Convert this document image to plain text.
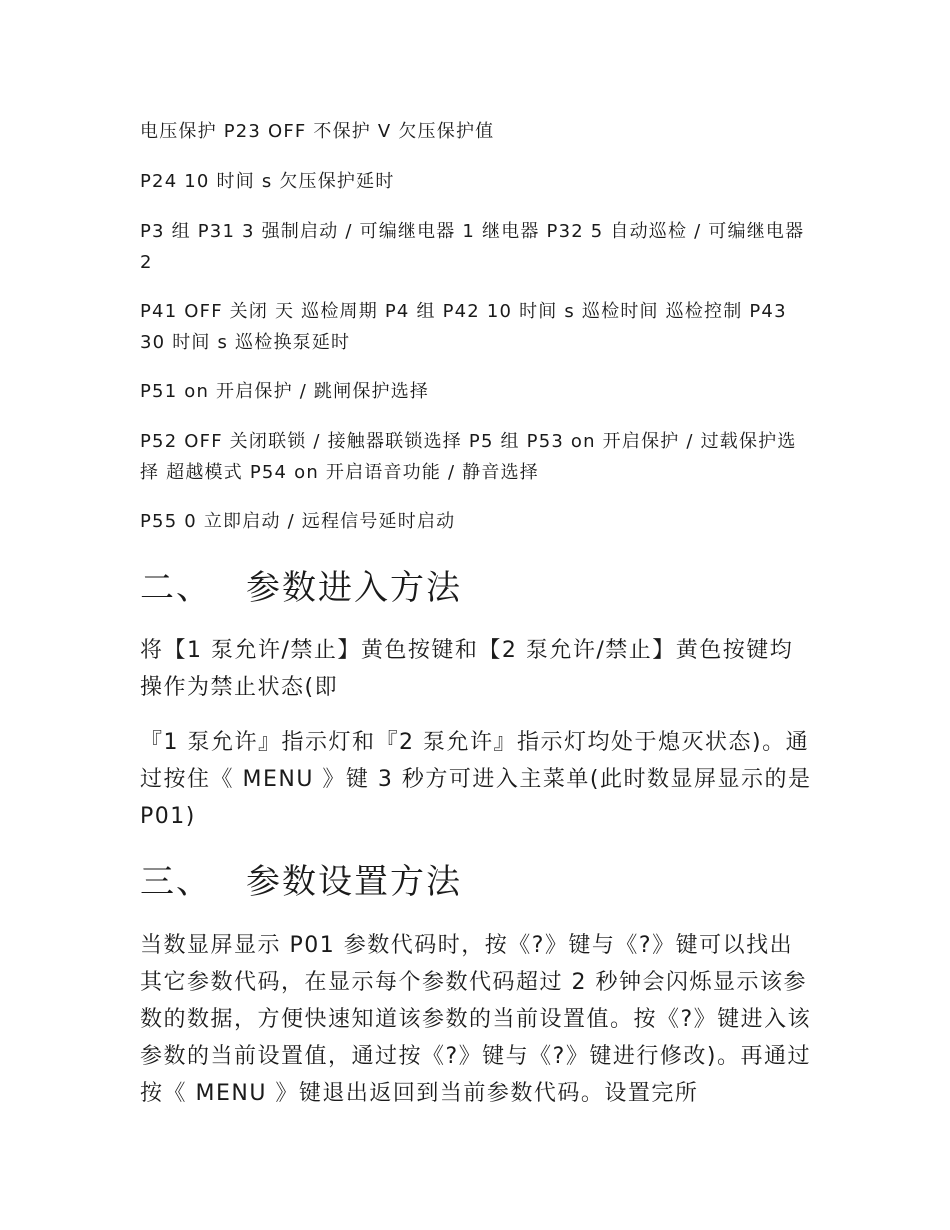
电压保护 P23 OFF 不保护 V 欠压保护值

P24 10 时间 s 欠压保护延时

P3 组 P31 3 强制启动 / 可编继电器 1 继电器 P32 5 自动巡检 / 可编继电器 2

P41 OFF 关闭 天 巡检周期 P4 组 P42 10 时间 s 巡检时间 巡检控制 P43 30 时间 s 巡检换泵延时

P51 on 开启保护 / 跳闸保护选择

P52 OFF 关闭联锁 / 接触器联锁选择 P5 组 P53 on 开启保护 / 过载保护选择 超越模式 P54 on 开启语音功能 / 静音选择

P55 0 立即启动 / 远程信号延时启动

二、 参数进入方法

将【1 泵允许/禁止】黄色按键和【2 泵允许/禁止】黄色按键均操作为禁止状态(即

『1 泵允许』指示灯和『2 泵允许』指示灯均处于熄灭状态)。通过按住《 MENU 》键 3 秒方可进入主菜单(此时数显屏显示的是 P01)

三、 参数设置方法

当数显屏显示 P01 参数代码时，按《?》键与《?》键可以找出其它参数代码，在显示每个参数代码超过 2 秒钟会闪烁显示该参数的数据，方便快速知道该参数的当前设置值。按《?》键进入该参数的当前设置值，通过按《?》键与《?》键进行修改)。再通过按《 MENU 》键退出返回到当前参数代码。设置完所
